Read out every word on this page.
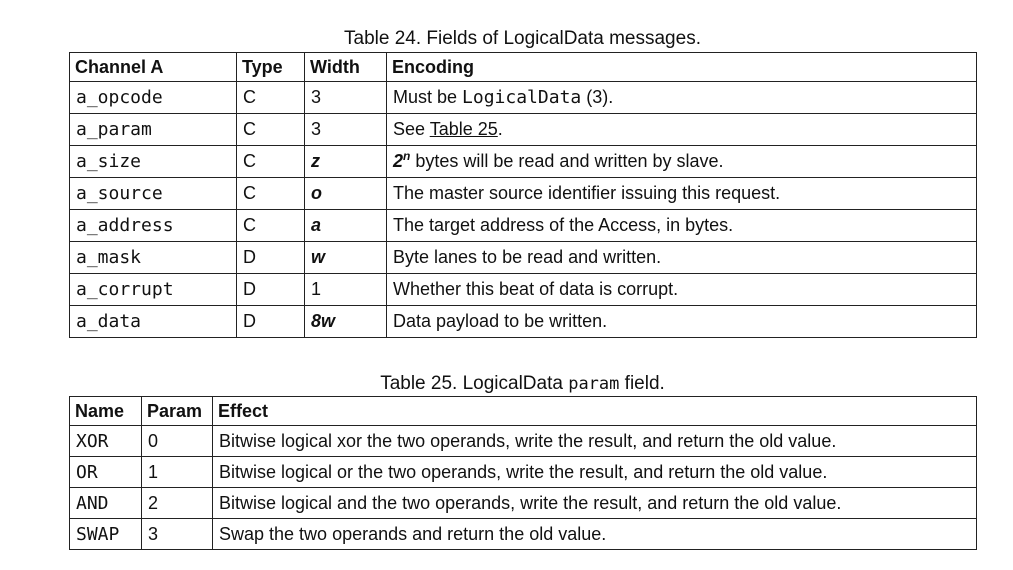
Table 24. Fields of LogicalData messages.
Channel A	Type	Width	Encoding
a_opcode	C	3	Must be LogicalData (3).
a_param	C	3	See Table 25.
a_size	C	z	2$^n$ bytes will be read and written by slave.
a_source	C	o	The master source identifier issuing this request.
a_address	C	a	The target address of the Access, in bytes.
a_mask	D	w	Byte lanes to be read and written.
a_corrupt	D	1	Whether this beat of data is corrupt.
a_data	D	8w	Data payload to be written.
Table 25. LogicalData param field.
Name	Param	Effect
XOR	0	Bitwise logical xor the two operands, write the result, and return the old value.
OR	1	Bitwise logical or the two operands, write the result, and return the old value.
AND	2	Bitwise logical and the two operands, write the result, and return the old value.
SWAP	3	Swap the two operands and return the old value.
